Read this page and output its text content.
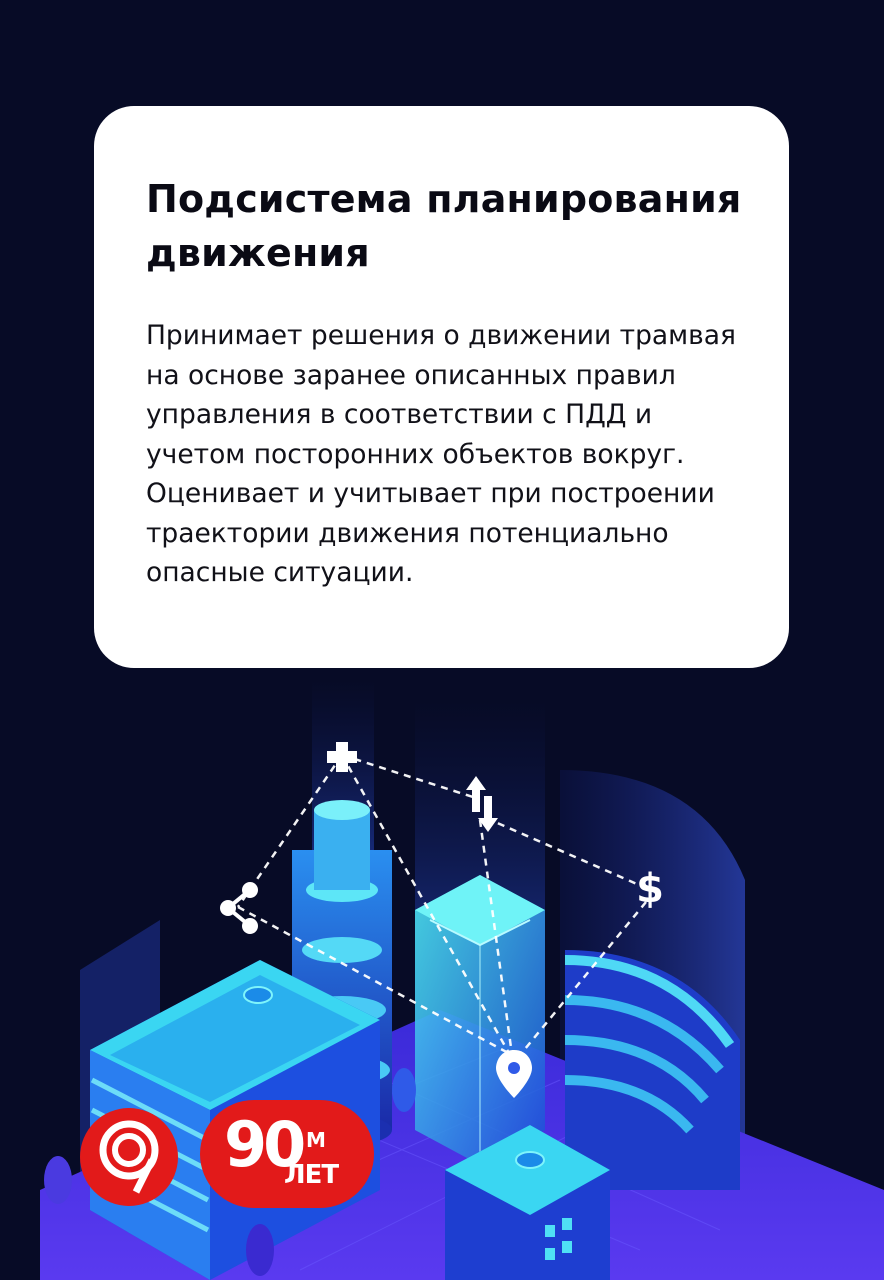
Подсистема планирования движения

Принимает решения о движении трамвая на основе заранее описанных правил управления в соответствии с ПДД и учетом посторонних объектов вокруг. Оценивает и учитывает при построении траектории движения потенциально опасные ситуации.

$
90 М
ЛЕТ
